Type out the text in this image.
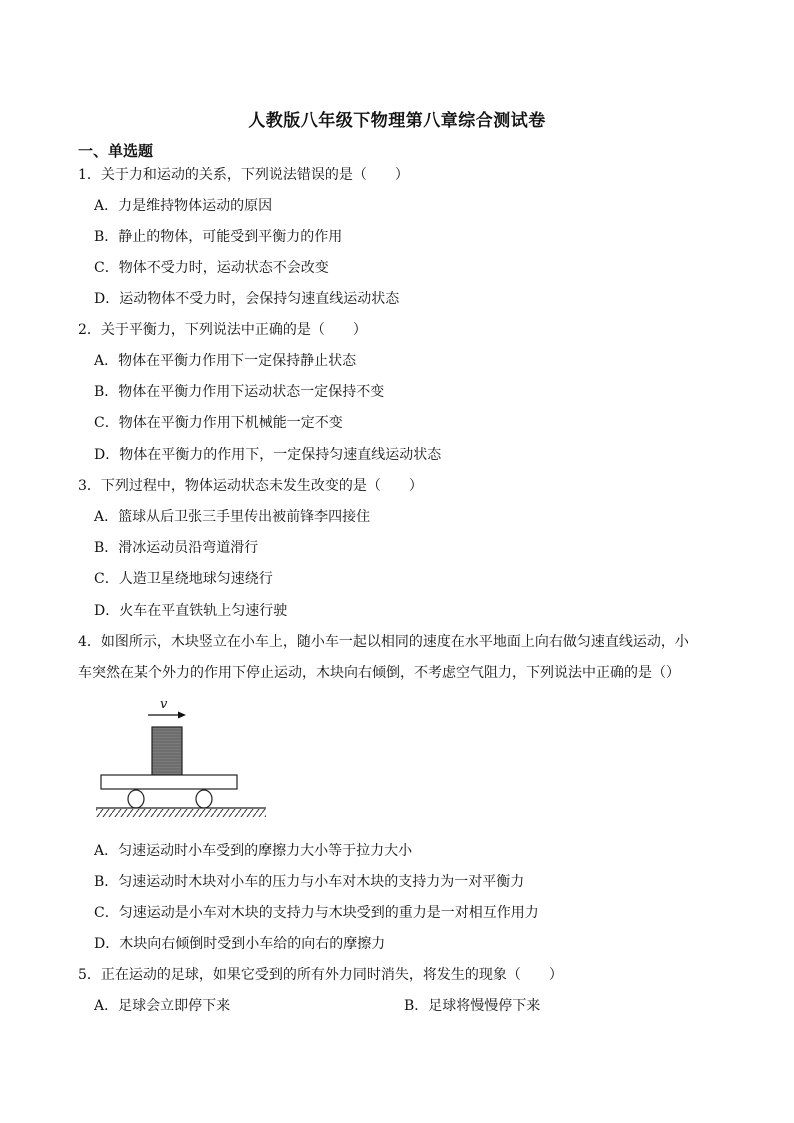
人教版八年级下物理第八章综合测试卷
一、单选题
1．关于力和运动的关系，下列说法错误的是（　　）
A．力是维持物体运动的原因
B．静止的物体，可能受到平衡力的作用
C．物体不受力时，运动状态不会改变
D．运动物体不受力时，会保持匀速直线运动状态
2．关于平衡力，下列说法中正确的是（　　）
A．物体在平衡力作用下一定保持静止状态
B．物体在平衡力作用下运动状态一定保持不变
C．物体在平衡力作用下机械能一定不变
D．物体在平衡力的作用下，一定保持匀速直线运动状态
3．下列过程中，物体运动状态未发生改变的是（　　）
A．篮球从后卫张三手里传出被前锋李四接住
B．滑冰运动员沿弯道滑行
C．人造卫星绕地球匀速绕行
D．火车在平直铁轨上匀速行驶
4．如图所示，木块竖立在小车上，随小车一起以相同的速度在水平地面上向右做匀速直线运动，小
车突然在某个外力的作用下停止运动，木块向右倾倒，不考虑空气阻力，下列说法中正确的是（）
v
A．匀速运动时小车受到的摩擦力大小等于拉力大小
B．匀速运动时木块对小车的压力与小车对木块的支持力为一对平衡力
C．匀速运动是小车对木块的支持力与木块受到的重力是一对相互作用力
D．木块向右倾倒时受到小车给的向右的摩擦力
5．正在运动的足球，如果它受到的所有外力同时消失，将发生的现象（　　）
A．足球会立即停下来	B．足球将慢慢停下来
